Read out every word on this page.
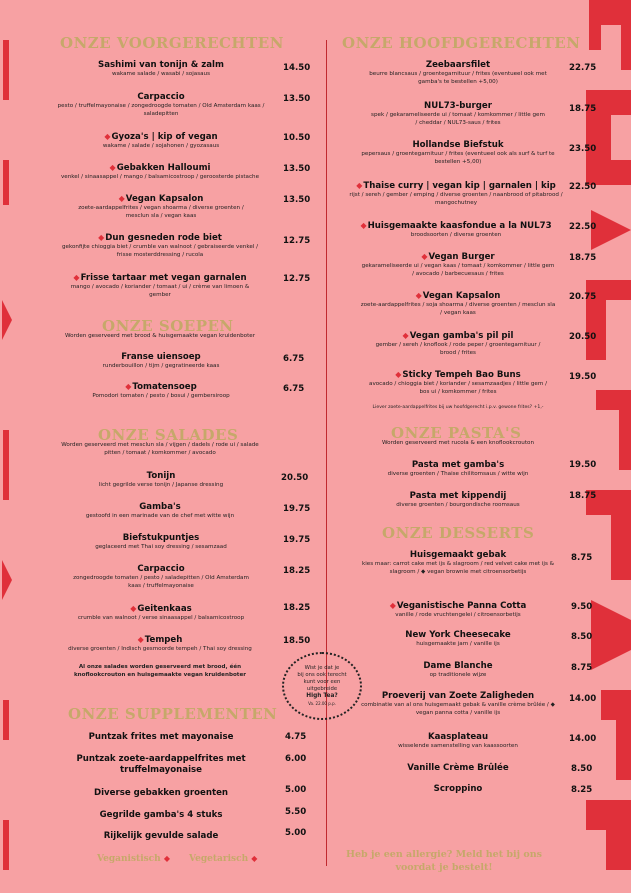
ONZE VOORGERECHTEN
Sashimi van tonijn & zalm
wakame salade / wasabi / sojasaus
14.50
Carpaccio
pesto / truffelmayonaise / zongedroogde tomaten / Old Amsterdam kaas / saladepitten
13.50
◆Gyoza's | kip of vegan
wakame / salade / sojahonen / gyozasaus
10.50
◆Gebakken Halloumi
venkel / sinaasappel / mango / balsamicostroop / geroosterde pistache
13.50
◆Vegan Kapsalon
zoete-aardappelfrites / vegan shoarma / diverse groenten / mesclun sla / vegan kaas
13.50
◆Dun gesneden rode biet
gekonfijte chioggia biet / crumble van walnoot / gebraiseerde venkel / frisse mosterddressing / rucola
12.75
◆Frisse tartaar met vegan garnalen
mango / avocado / koriander / tomaat / ui / crème van limoen & gember
12.75
ONZE SOEPEN
Worden geserveerd met brood & huisgemaakte vegan kruidenboter
Franse uiensoep
runderbouillon / tijm / gegratineerde kaas
6.75
◆Tomatensoep
Pomodori tomaten / pesto / bosui / gembersiroop
6.75
ONZE SALADES
Worden geserveerd met mesclun sla / vijgen / dadels / rode ui / salade pitten / tomaat / komkommer / avocado
Tonijn
licht gegrilde verse tonijn / Japanse dressing
20.50
Gamba's
gestoofd in een marinade van de chef met witte wijn
19.75
Biefstukpuntjes
geglaceerd met Thai soy dressing / sesamzaad
19.75
Carpaccio
zongedroogde tomaten / pesto / saladepitten / Old Amsterdam kaas / truffelmayonaise
18.25
◆Geitenkaas
crumble van walnoot / verse sinaasappel / balsamicostroop
18.25
◆Tempeh
diverse groenten / Indisch gesmoorde tempeh / Thai soy dressing
18.50
Al onze salades worden geserveerd met brood, één knoflookcrouton en huisgemaakte vegan kruidenboter
ONZE SUPPLEMENTEN
Puntzak frites met mayonaise	4.75
Puntzak zoete-aardappelfrites met truffelmayonaise
6.00
Diverse gebakken groenten	5.00
Gegrilde gamba's 4 stuks	5.50
Rijkelijk gevulde salade	5.00
Veganistisch ◆ Vegetarisch ◆
Wist je dat je
bij ons ook terecht
kunt voor een
uitgebreide
High Tea?
Va. 22.00 p.p.
ONZE HOOFDGERECHTEN
Zeebaarsfilet
beurre blancsaus / groentegarnituur / frites (eventueel ook met gamba's te bestellen +5,00)
22.75
NUL73-burger
spek / gekarameliseerde ui / tomaat / komkommer / little gem / cheddar / NUL73-saus / frites
18.75
Hollandse Biefstuk
pepersaus / groentegarnituur / frites (eventueel ook als surf & turf te bestellen +5,00)
23.50
◆Thaise curry | vegan kip | garnalen | kip
rijst / sereh / gember / emping / diverse groenten / naanbrood of pitabrood / mangochutney
22.50
◆Huisgemaakte kaasfondue a la NUL73
broodsoorten / diverse groenten
22.50
◆Vegan Burger
gekarameliseerde ui / vegan kaas / tomaat / komkommer / little gem / avocado / barbecuesaus / frites
18.75
◆Vegan Kapsalon
zoete-aardappelfrites / soja shoarma / diverse groenten / mesclun sla / vegan kaas
20.75
◆Vegan gamba's pil pil
gember / sereh / knoflook / rode peper / groentegarnituur / brood / frites
20.50
◆Sticky Tempeh Bao Buns
avocado / chioggia biet / koriander / sesamzaadjes / little gem / bos ui / komkommer / frites
19.50
Liever zoete-aardappelfrites bij uw hoofdgerecht i.p.v. gewone frites? +1,-
ONZE PASTA'S
Worden geserveerd met rucola & een knoflookcrouton
Pasta met gamba's
diverse groenten / Thaise chilitomsaus / witte wijn
19.50
Pasta met kippendij
diverse groenten / bourgondische roomsaus
18.75
ONZE DESSERTS
Huisgemaakt gebak
kies maar: carrot cake met ijs & slagroom / red velvet cake met ijs & slagroom / ◆ vegan brownie met citroensorbetijs
8.75
◆Veganistische Panna Cotta
vanille / rode vruchtengelei / citroensorbetijs
9.50
New York Cheesecake
huisgemaakte jam / vanille ijs
8.50
Dame Blanche
op traditionele wijze
8.75
Proeverij van Zoete Zaligheden
combinatie van al ons huisgemaakt gebak & vanille crème brûlée / ◆ vegan panna cotta / vanille ijs
14.00
Kaasplateau
wisselende samenstelling van kaassoorten
14.00
Vanille Crème Brûlée	8.50
Scroppino	8.25
Heb je een allergie? Meld het bij ons voordat je bestelt!
